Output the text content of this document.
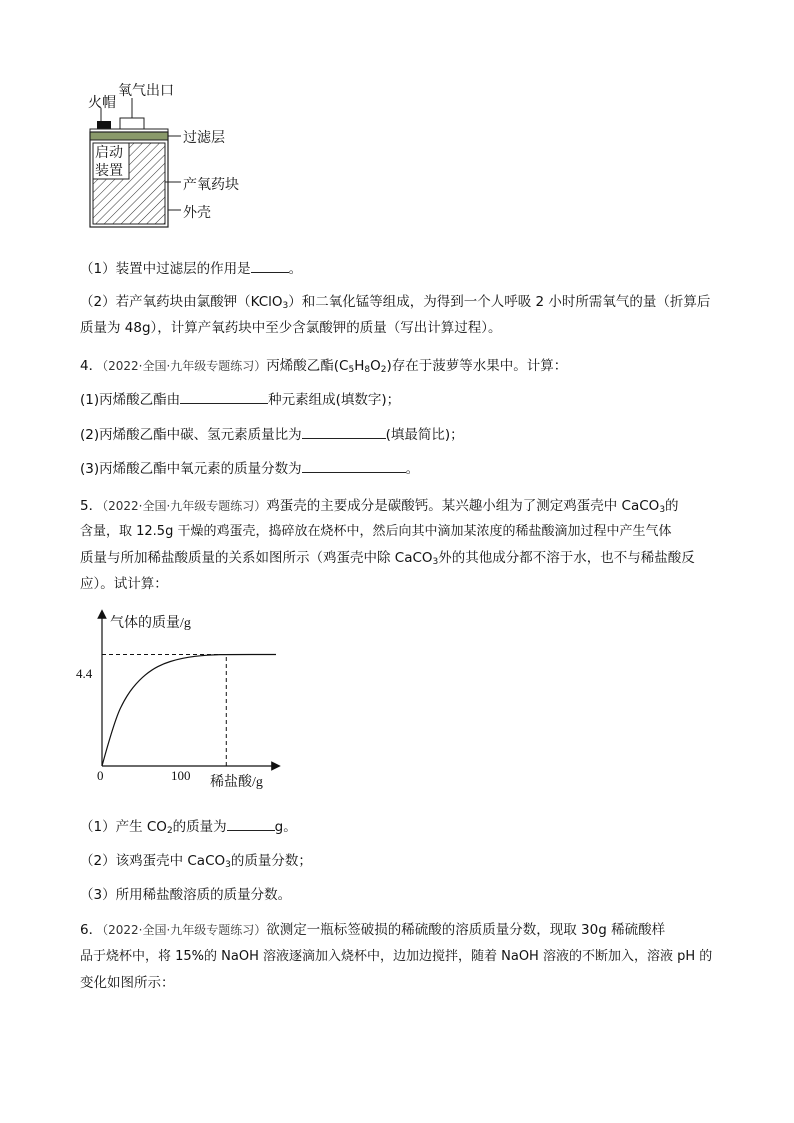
火帽
氧气出口
过滤层
启动
装置
产氧药块
外壳
（1）装置中过滤层的作用是	。
（2）若产氧药块由氯酸钾（KClO$_3$）和二氧化锰等组成，为得到一个人呼吸 2 小时所需氧气的量（折算后
质量为 48g），计算产氧药块中至少含氯酸钾的质量（写出计算过程）。
4．（2022·全国·九年级专题练习）丙烯酸乙酯$(C_5H_8O_2)$存在于菠萝等水果中。计算：
(1)丙烯酸乙酯由	种元素组成(填数字)；
(2)丙烯酸乙酯中碳、氢元素质量比为	(填最简比)；
(3)丙烯酸乙酯中氧元素的质量分数为	。
5．（2022·全国·九年级专题练习）鸡蛋壳的主要成分是碳酸钙。某兴趣小组为了测定鸡蛋壳中 CaCO$_3$的
含量，取 12.5g 干燥的鸡蛋壳，捣碎放在烧杯中，然后向其中滴加某浓度的稀盐酸滴加过程中产生气体
质量与所加稀盐酸质量的关系如图所示（鸡蛋壳中除 CaCO$_3$外的其他成分都不溶于水，也不与稀盐酸反
应）。试计算：
气体的质量/g
4.4
0	100 稀盐酸/g
（1）产生 $CO_2$的质量为	g。
（2）该鸡蛋壳中 CaCO$_3$的质量分数；
（3）所用稀盐酸溶质的质量分数。
6．（2022·全国·九年级专题练习）欲测定一瓶标签破损的稀硫酸的溶质质量分数，现取 30g 稀硫酸样
品于烧杯中，将 15%的 NaOH 溶液逐滴加入烧杯中，边加边搅拌，随着 NaOH 溶液的不断加入，溶液 pH 的
变化如图所示：
